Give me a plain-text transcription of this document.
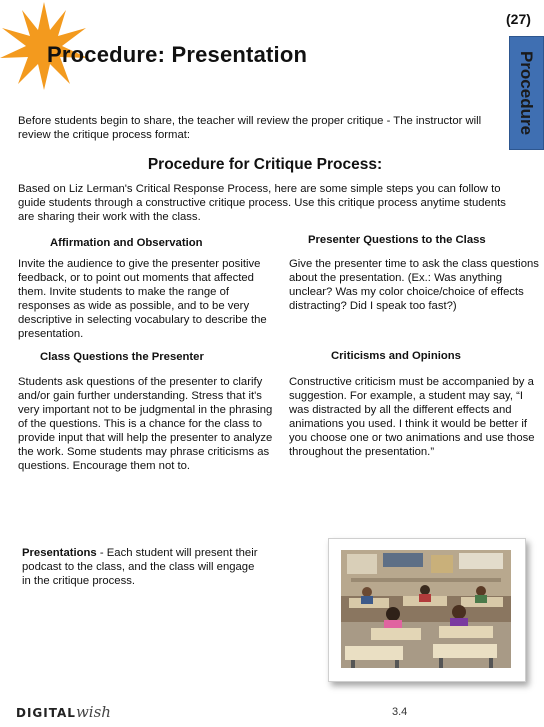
Procedure: Presentation
(27)
Procedure
Before students begin to share, the teacher will review the proper critique - The instructor will review the critique process format:
Procedure for Critique Process:
Based on Liz Lerman's Critical Response Process, here are some simple steps you can follow to guide students through a constructive critique process. Use this critique process anytime students are sharing their work with the class.
Affirmation and Observation
Invite the audience to give the presenter positive feedback, or to point out moments that affected them. Invite students to make the range of responses as wide as possible, and to be very descriptive in selecting vocabulary to describe the presentation.
Presenter Questions to the Class
Give the presenter time to ask the class questions about the presentation. (Ex.: Was anything unclear? Was my color choice/choice of effects distracting? Did I speak too fast?)
Class Questions the Presenter
Students ask questions of the presenter to clarify and/or gain further understanding. Stress that it's very important not to be judgmental in the phrasing of the questions. This is a chance for the class to provide input that will help the presenter to analyze the work. Some students may phrase criticisms as questions. Encourage them not to.
Criticisms and Opinions
Constructive criticism must be accompanied by a suggestion. For example, a student may say, “I was distracted by all the different effects and animations you used. I think it would be better if you choose one or two animations and use those throughout the presentation.”
Presentations - Each student will present their podcast to the class, and the class will engage in the critique process.
DIGITALwish	3.4
